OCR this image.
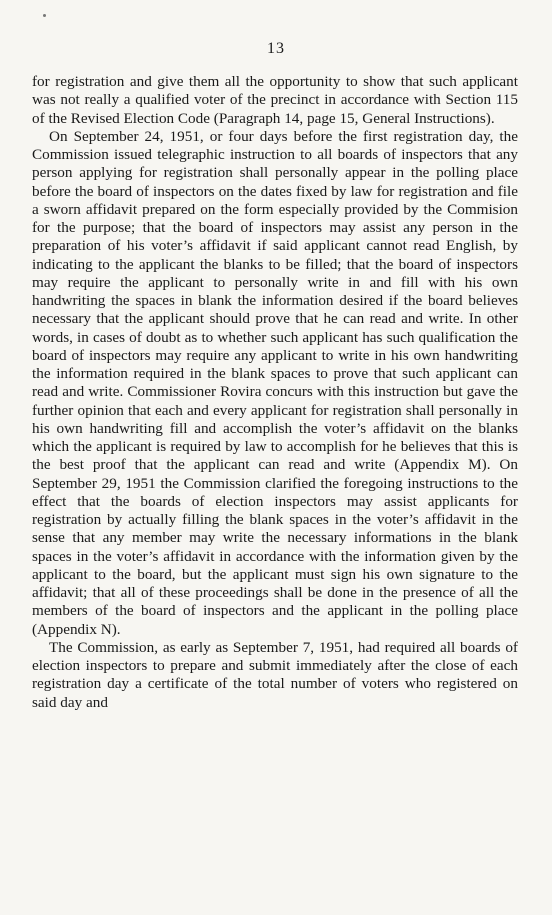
13

for registration and give them all the opportunity to show that such applicant was not really a qualified voter of the precinct in accordance with Section 115 of the Revised Election Code (Paragraph 14, page 15, General Instructions).

On September 24, 1951, or four days before the first registration day, the Commission issued telegraphic instruction to all boards of inspectors that any person applying for registration shall personally appear in the polling place before the board of inspectors on the dates fixed by law for registration and file a sworn affidavit prepared on the form especially provided by the Commision for the purpose; that the board of inspectors may assist any person in the preparation of his voter’s affidavit if said applicant cannot read English, by indicating to the applicant the blanks to be filled; that the board of inspectors may require the applicant to personally write in and fill with his own handwriting the spaces in blank the information desired if the board believes necessary that the applicant should prove that he can read and write. In other words, in cases of doubt as to whether such applicant has such qualification the board of inspectors may require any applicant to write in his own handwriting the information required in the blank spaces to prove that such applicant can read and write. Commissioner Rovira concurs with this instruction but gave the further opinion that each and every applicant for registration shall personally in his own handwriting fill and accomplish the voter’s affidavit on the blanks which the applicant is required by law to accomplish for he believes that this is the best proof that the applicant can read and write (Appendix M). On September 29, 1951 the Commission clarified the foregoing instructions to the effect that the boards of election inspectors may assist applicants for registration by actually filling the blank spaces in the voter’s affidavit in the sense that any member may write the necessary informations in the blank spaces in the voter’s affidavit in accordance with the information given by the applicant to the board, but the applicant must sign his own signature to the affidavit; that all of these proceedings shall be done in the presence of all the members of the board of inspectors and the applicant in the polling place (Appendix N).

The Commission, as early as September 7, 1951, had required all boards of election inspectors to prepare and submit immediately after the close of each registration day a certificate of the total number of voters who registered on said day and
